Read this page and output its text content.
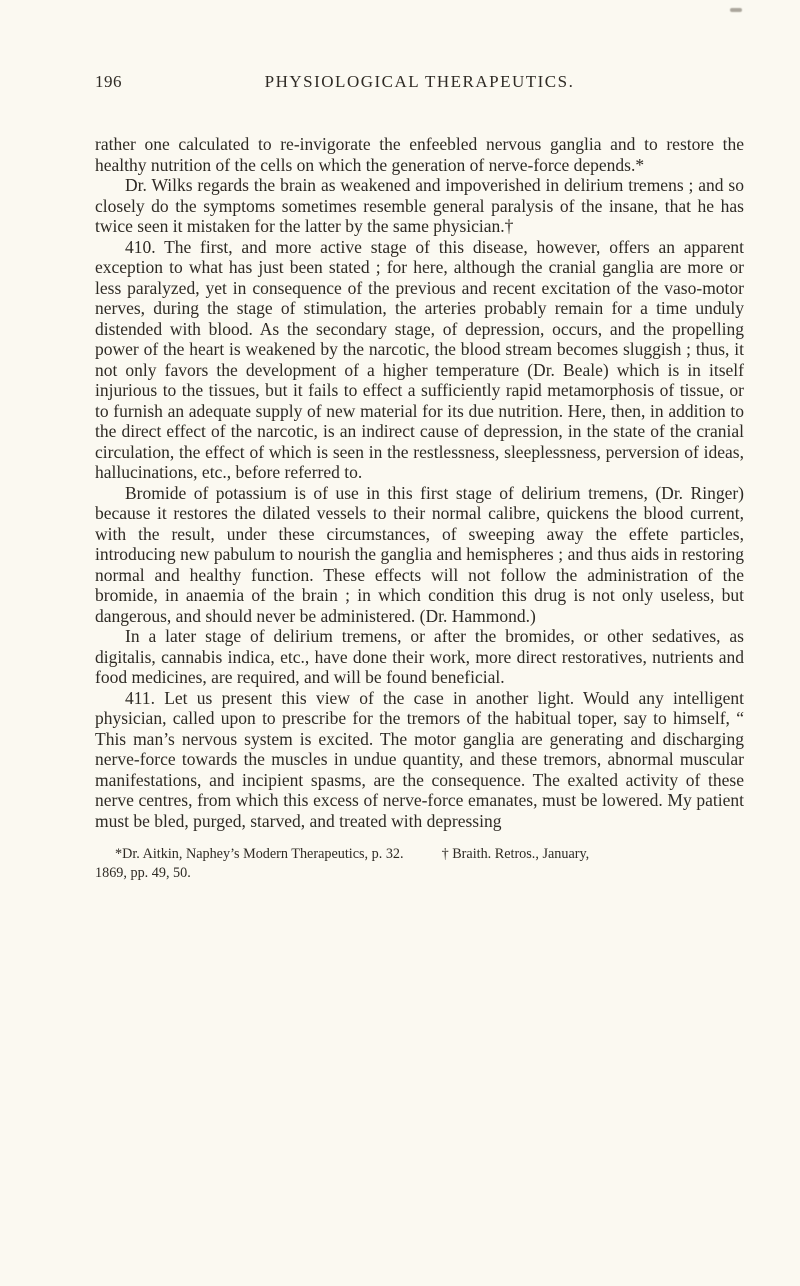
196	PHYSIOLOGICAL THERAPEUTICS.

rather one calculated to re-invigorate the enfeebled nervous ganglia and to restore the healthy nutrition of the cells on which the generation of nerve-force depends.*

Dr. Wilks regards the brain as weakened and impoverished in delirium tremens ; and so closely do the symptoms sometimes resemble general paralysis of the insane, that he has twice seen it mistaken for the latter by the same physician.†

410. The first, and more active stage of this disease, however, offers an apparent exception to what has just been stated ; for here, although the cranial ganglia are more or less paralyzed, yet in consequence of the previous and recent excitation of the vaso-motor nerves, during the stage of stimulation, the arteries probably remain for a time unduly distended with blood. As the secondary stage, of depression, occurs, and the propelling power of the heart is weakened by the narcotic, the blood stream becomes sluggish ; thus, it not only favors the development of a higher temperature (Dr. Beale) which is in itself injurious to the tissues, but it fails to effect a sufficiently rapid metamorphosis of tissue, or to furnish an adequate supply of new material for its due nutrition. Here, then, in addition to the direct effect of the narcotic, is an indirect cause of depression, in the state of the cranial circulation, the effect of which is seen in the restlessness, sleeplessness, perversion of ideas, hallucinations, etc., before referred to.

Bromide of potassium is of use in this first stage of delirium tremens, (Dr. Ringer) because it restores the dilated vessels to their normal calibre, quickens the blood current, with the result, under these circumstances, of sweeping away the effete particles, introducing new pabulum to nourish the ganglia and hemispheres ; and thus aids in restoring normal and healthy function. These effects will not follow the administration of the bromide, in anaemia of the brain ; in which condition this drug is not only useless, but dangerous, and should never be administered. (Dr. Hammond.)

In a later stage of delirium tremens, or after the bromides, or other sedatives, as digitalis, cannabis indica, etc., have done their work, more direct restoratives, nutrients and food medicines, are required, and will be found beneficial.

411. Let us present this view of the case in another light. Would any intelligent physician, called upon to prescribe for the tremors of the habitual toper, say to himself, “ This man’s nervous system is excited. The motor ganglia are generating and discharging nerve-force towards the muscles in undue quantity, and these tremors, abnormal muscular manifestations, and incipient spasms, are the consequence. The exalted activity of these nerve centres, from which this excess of nerve-force emanates, must be lowered. My patient must be bled, purged, starved, and treated with depressing

*Dr. Aitkin, Naphey’s Modern Therapeutics, p. 32.	† Braith. Retros., January,

1869, pp. 49, 50.
